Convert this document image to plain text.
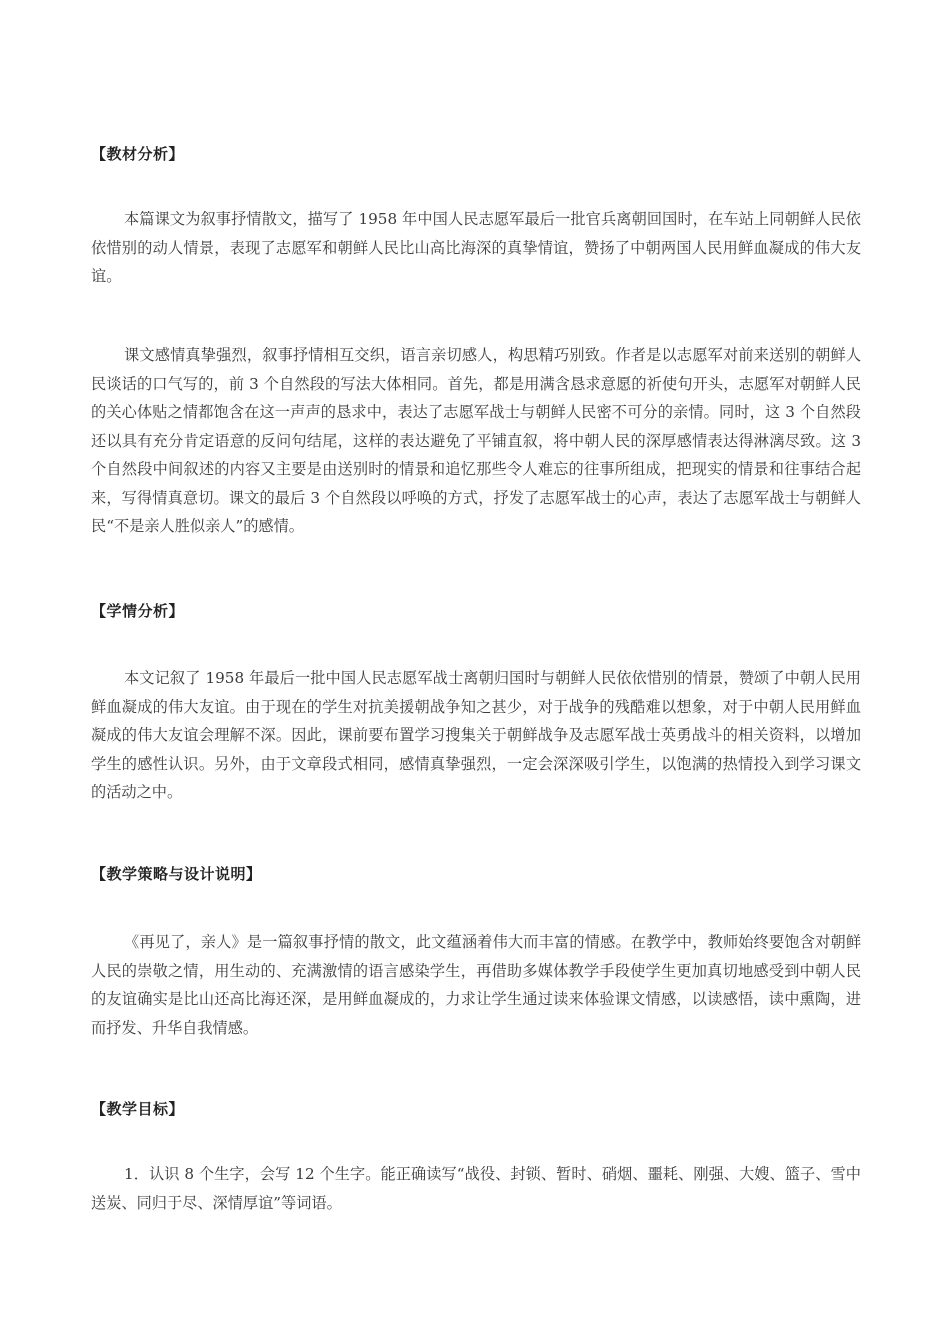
【教材分析】
本篇课文为叙事抒情散文，描写了 1958 年中国人民志愿军最后一批官兵离朝回国时，在车站上同朝鲜人民依依惜别的动人情景，表现了志愿军和朝鲜人民比山高比海深的真挚情谊，赞扬了中朝两国人民用鲜血凝成的伟大友谊。
课文感情真挚强烈，叙事抒情相互交织，语言亲切感人，构思精巧别致。作者是以志愿军对前来送别的朝鲜人民谈话的口气写的，前 3 个自然段的写法大体相同。首先，都是用满含恳求意愿的祈使句开头，志愿军对朝鲜人民的关心体贴之情都饱含在这一声声的恳求中，表达了志愿军战士与朝鲜人民密不可分的亲情。同时，这 3 个自然段还以具有充分肯定语意的反问句结尾，这样的表达避免了平铺直叙，将中朝人民的深厚感情表达得淋漓尽致。这 3 个自然段中间叙述的内容又主要是由送别时的情景和追忆那些令人难忘的往事所组成，把现实的情景和往事结合起来，写得情真意切。课文的最后 3 个自然段以呼唤的方式，抒发了志愿军战士的心声，表达了志愿军战士与朝鲜人民“不是亲人胜似亲人”的感情。
【学情分析】
本文记叙了 1958 年最后一批中国人民志愿军战士离朝归国时与朝鲜人民依依惜别的情景，赞颂了中朝人民用鲜血凝成的伟大友谊。由于现在的学生对抗美援朝战争知之甚少，对于战争的残酷难以想象，对于中朝人民用鲜血凝成的伟大友谊会理解不深。因此，课前要布置学习搜集关于朝鲜战争及志愿军战士英勇战斗的相关资料，以增加学生的感性认识。另外，由于文章段式相同，感情真挚强烈，一定会深深吸引学生，以饱满的热情投入到学习课文的活动之中。
【教学策略与设计说明】
《再见了，亲人》是一篇叙事抒情的散文，此文蕴涵着伟大而丰富的情感。在教学中，教师始终要饱含对朝鲜人民的崇敬之情，用生动的、充满激情的语言感染学生，再借助多媒体教学手段使学生更加真切地感受到中朝人民的友谊确实是比山还高比海还深，是用鲜血凝成的，力求让学生通过读来体验课文情感，以读感悟，读中熏陶，进而抒发、升华自我情感。
【教学目标】
1．认识 8 个生字，会写 12 个生字。能正确读写“战役、封锁、暂时、硝烟、噩耗、刚强、大嫂、篮子、雪中送炭、同归于尽、深情厚谊”等词语。
